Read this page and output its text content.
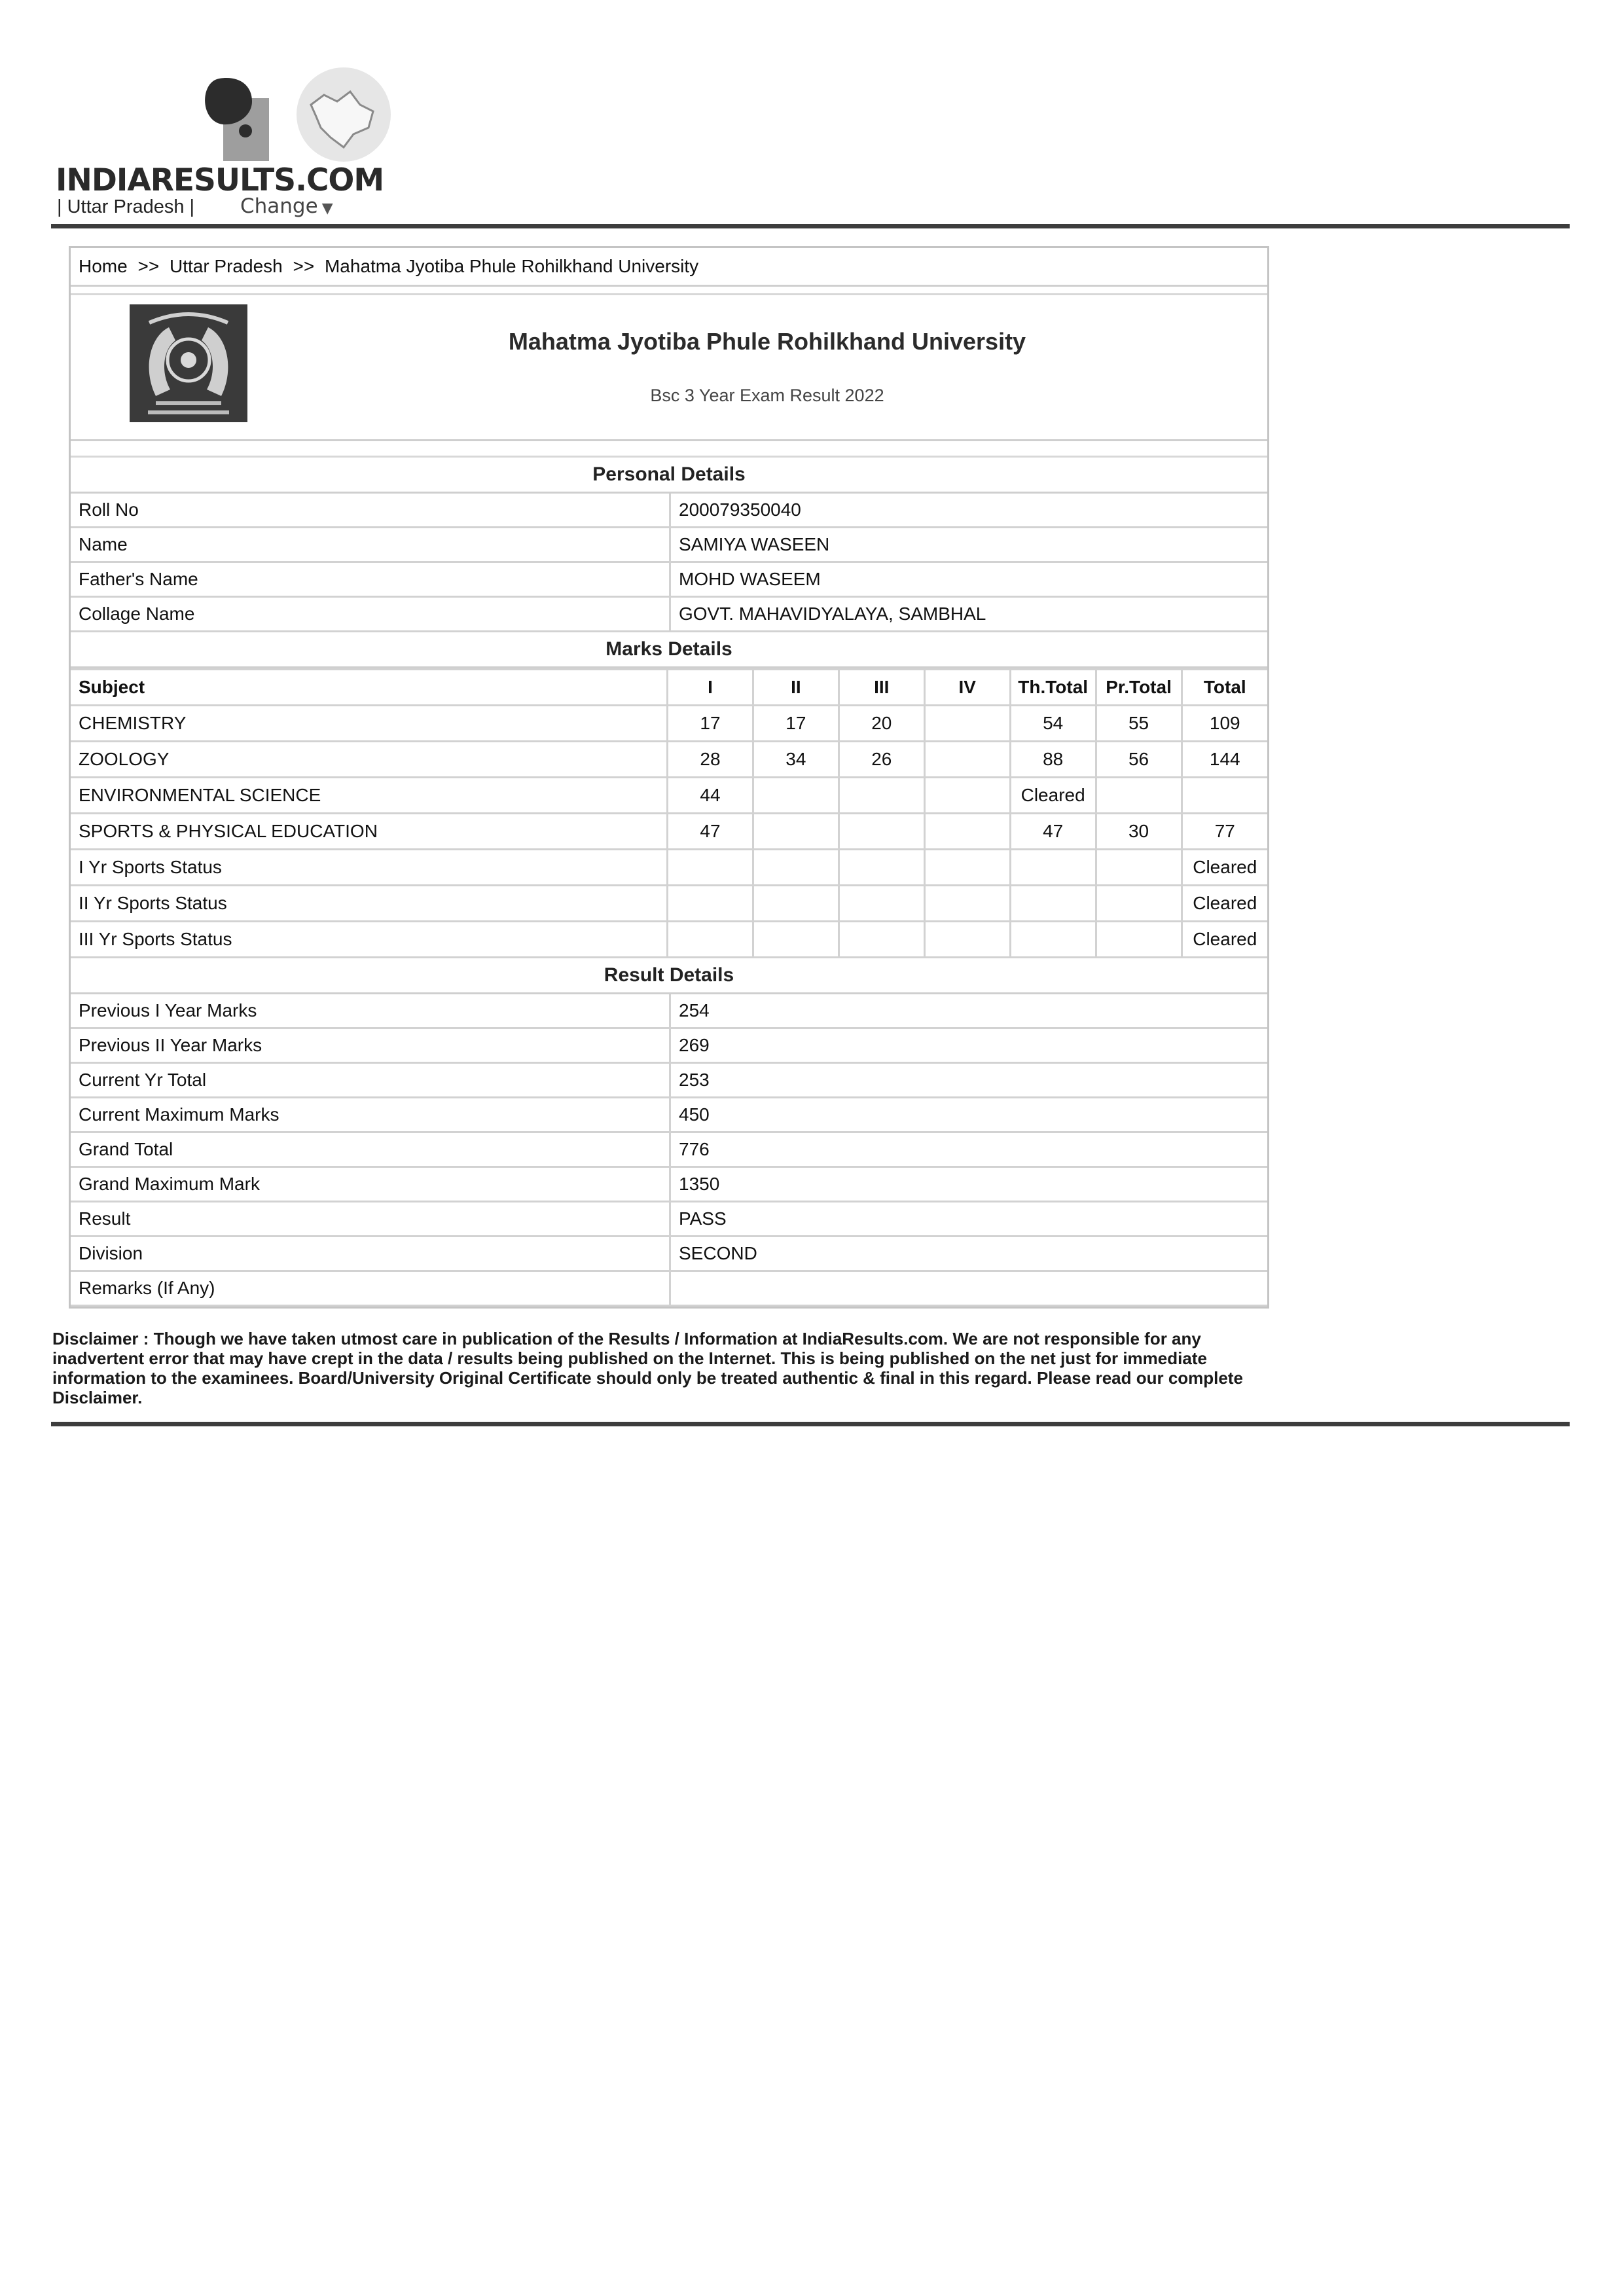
INDIARESULTS.COM
| Uttar Pradesh | Change ▼
Home >> Uttar Pradesh >> Mahatma Jyotiba Phule Rohilkhand University
Mahatma Jyotiba Phule Rohilkhand University
Bsc 3 Year Exam Result 2022
Personal Details
Roll No	200079350040
Name	SAMIYA WASEEN
Father's Name	MOHD WASEEM
Collage Name	GOVT. MAHAVIDYALAYA, SAMBHAL
Marks Details
Subject	I	II	III	IV	Th.Total	Pr.Total	Total
CHEMISTRY	17	17	20		54	55	109
ZOOLOGY	28	34	26		88	56	144
ENVIRONMENTAL SCIENCE	44				Cleared		
SPORTS & PHYSICAL EDUCATION	47				47	30	77
I Yr Sports Status							Cleared
II Yr Sports Status							Cleared
III Yr Sports Status							Cleared
Result Details
Previous I Year Marks	254
Previous II Year Marks	269
Current Yr Total	253
Current Maximum Marks	450
Grand Total	776
Grand Maximum Mark	1350
Result	PASS
Division	SECOND
Remarks (If Any)	
Disclaimer : Though we have taken utmost care in publication of the Results / Information at IndiaResults.com. We are not responsible for any inadvertent error that may have crept in the data / results being published on the Internet. This is being published on the net just for immediate information to the examinees. Board/University Original Certificate should only be treated authentic & final in this regard. Please read our complete Disclaimer.
